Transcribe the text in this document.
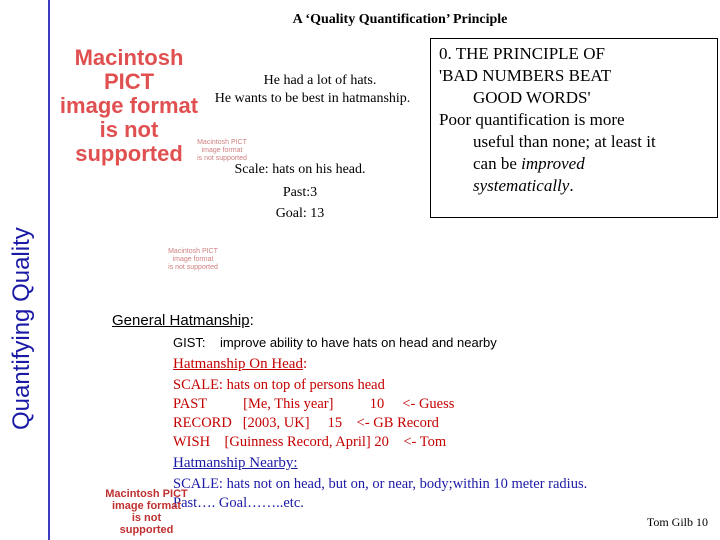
Quantifying Quality
A ‘Quality Quantification’ Principle
Macintosh PICT
image format
is not supported	Macintosh PICT
image format
is not supported
Macintosh PICT
image format
is not supported
He had a lot of hats.
He wants to be best in hatmanship.
Scale: hats on his head.
Past:3
Goal: 13
0. THE PRINCIPLE OF
'BAD NUMBERS BEAT
GOOD WORDS'
Poor quantification is more
useful than none; at least it
can be improved
systematically.
General Hatmanship:
GIST: improve ability to have hats on head and nearby
Hatmanship On Head:
SCALE: hats on top of persons head
PAST          [Me, This year]          10     <- Guess
RECORD   [2003, UK]     15    <- GB Record
WISH    [Guinness Record, April] 20    <- Tom
Hatmanship Nearby:
SCALE: hats not on head, but on, or near, body;within 10 meter radius.
Past…. Goal……..etc.
Macintosh PICT
image format
is not supported
Tom Gilb 10
